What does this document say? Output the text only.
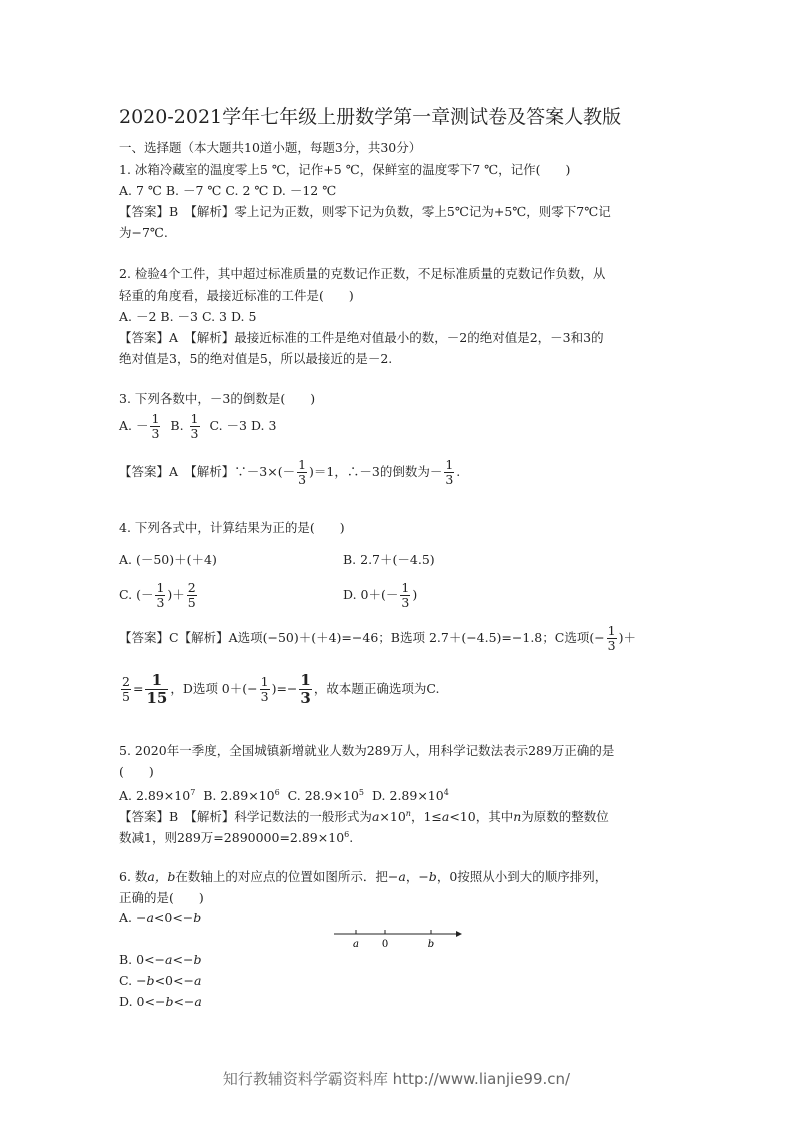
2020-2021学年七年级上册数学第一章测试卷及答案人教版
一、选择题（本大题共10道小题，每题3分，共30分）
1. 冰箱冷藏室的温度零上5 ℃，记作+5 ℃，保鲜室的温度零下7 ℃，记作(　　)
A. 7 ℃ B. －7 ℃ C. 2 ℃ D. －12 ℃
【答案】B　【解析】零上记为正数，则零下记为负数，零上5℃记为+5℃，则零下7℃记
为−7℃.
2. 检验4个工件，其中超过标准质量的克数记作正数，不足标准质量的克数记作负数，从
轻重的角度看，最接近标准的工件是(　　)
A. －2 B. －3 C. 3 D. 5
【答案】A　【解析】最接近标准的工件是绝对值最小的数，－2的绝对值是2，－3和3的
绝对值是3，5的绝对值是5，所以最接近的是－2.
3. 下列各数中，－3的倒数是(　　)
A. － $\frac{1}{3} B$. $\frac{1}{3} C$. －3 D. 3
【答案】A　【解析】∵－3×(－ $\frac{1}{3} )=1$，∴－3的倒数为－ $\frac{1}{3}$ .
4. 下列各式中，计算结果为正的是(　　)
A. (－50)＋(＋4)	B. 2.7＋(－4.5)
C. (－ $\frac{1}{3}$ )＋ $\frac{2}{5}$	D. $0+(- \frac{1}{3}$ )
【答案】C【解析】A选项(−50)＋(＋4)=−46；B选项 2.7＋(−4.5)=−1.8；C选项(− $\frac{1}{3}$ )＋
$\frac{2}{5} = \frac{1}{15}$ ，D选项 $0+(- \frac{1}{3}$ )=− $\frac{1}{3}$ ，故本题正确选项为C.
5. 2020年一季度，全国城镇新增就业人数为289万人，用科学记数法表示289万正确的是
(　　)
A. $2.89\times 10^7$ B. $2.89\times 10^6$ C. $28.9\times 10^5$ D. $2.89\times 10^4$
【答案】B　【解析】科学记数法的一般形式为$a\times 10^n$，1≤a<10，其中n为原数的整数位
数减1，则289万$=2890000=2.89\times 10^6$.
6. 数a，b在数轴上的对应点的位置如图所示．把−a，−b，0按照从小到大的顺序排列，
正确的是(　　)
A. −a<0<−b
B. 0<−a<−b
C. −b<0<−a
D. 0<−b<−a
a 0	b
知行教辅资料学霸资料库 http://www.lianjie99.cn/
